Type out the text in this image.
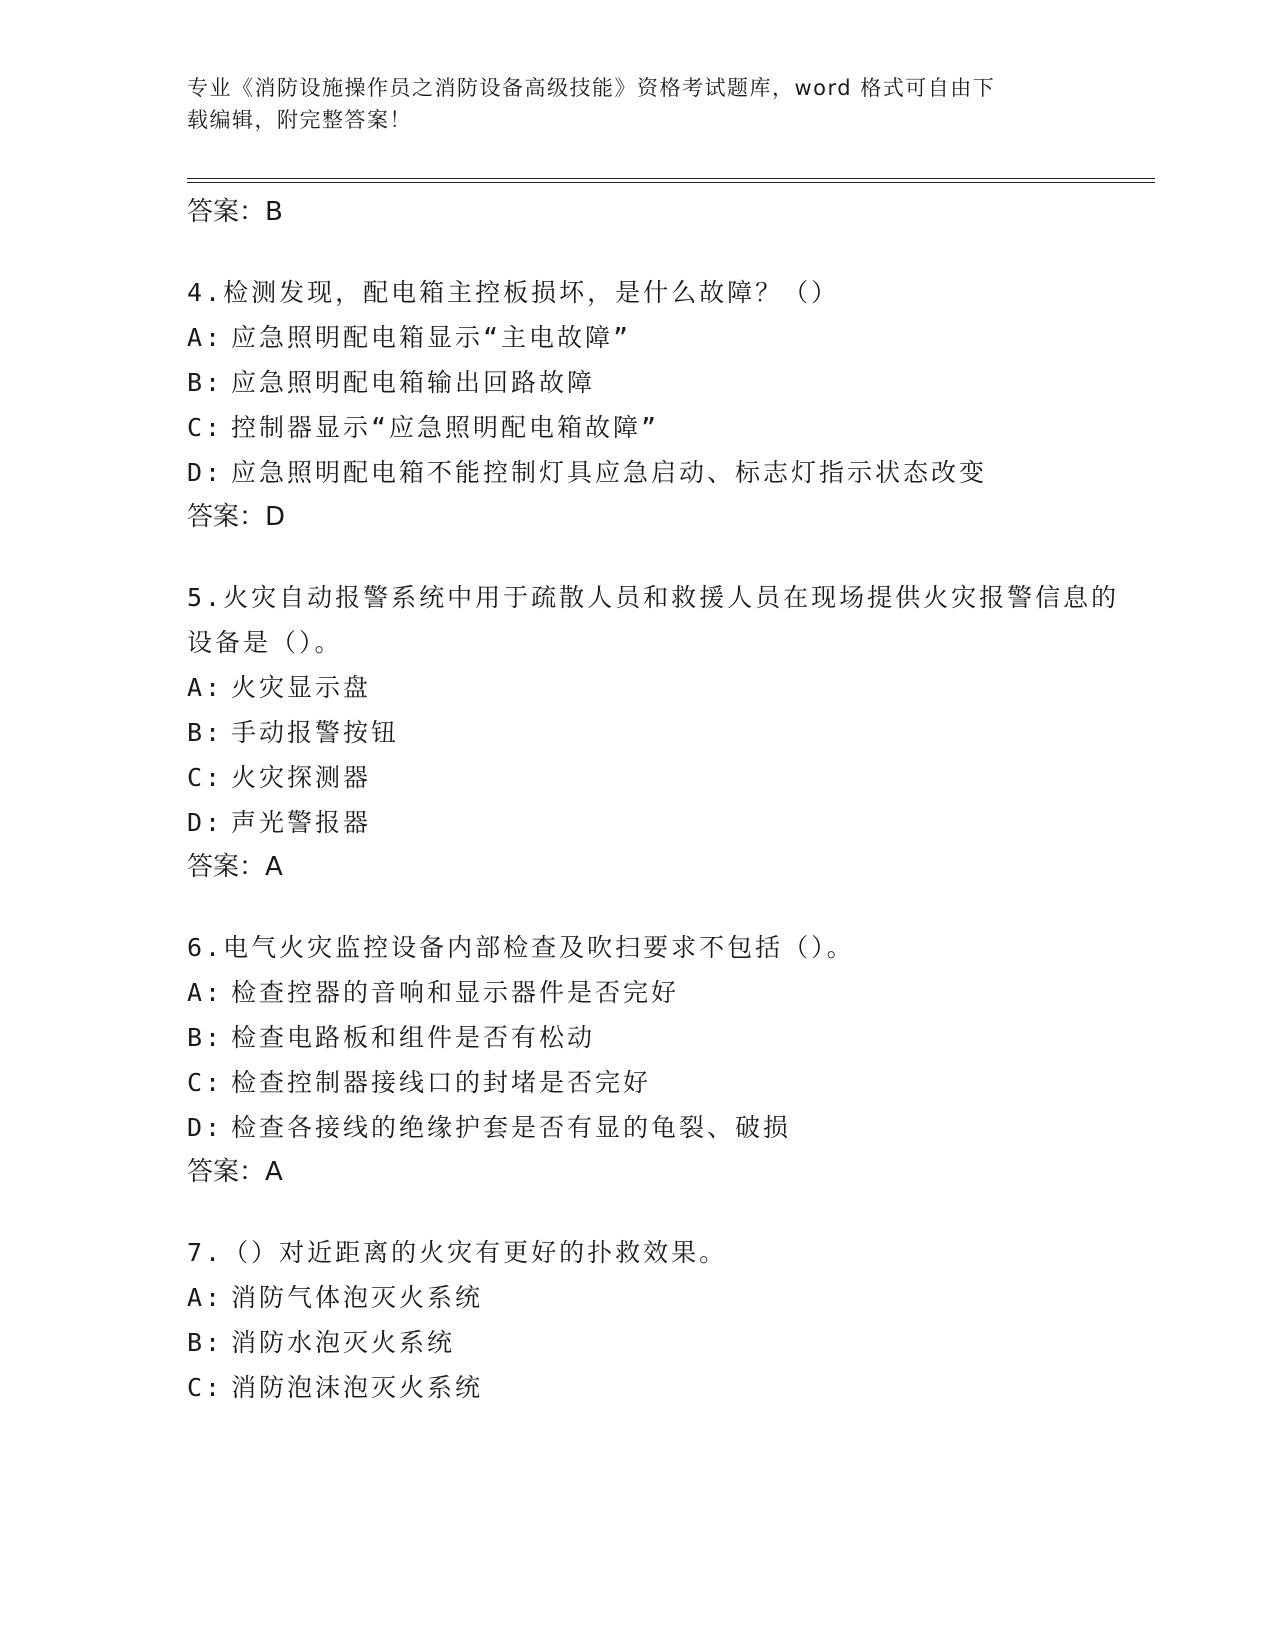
专业《消防设施操作员之消防设备高级技能》资格考试题库，word 格式可自由下
载编辑，附完整答案！
答案：B
4.检测发现，配电箱主控板损坏，是什么故障？（）
A: 应急照明配电箱显示“主电故障”
B: 应急照明配电箱输出回路故障
C: 控制器显示“应急照明配电箱故障”
D: 应急照明配电箱不能控制灯具应急启动、标志灯指示状态改变
答案：D
5.火灾自动报警系统中用于疏散人员和救援人员在现场提供火灾报警信息的设备是（）。
A: 火灾显示盘
B: 手动报警按钮
C: 火灾探测器
D: 声光警报器
答案：A
6.电气火灾监控设备内部检查及吹扫要求不包括（）。
A: 检查控器的音响和显示器件是否完好
B: 检查电路板和组件是否有松动
C: 检查控制器接线口的封堵是否完好
D: 检查各接线的绝缘护套是否有显的龟裂、破损
答案：A
7.（）对近距离的火灾有更好的扑救效果。
A: 消防气体泡灭火系统
B: 消防水泡灭火系统
C: 消防泡沫泡灭火系统
